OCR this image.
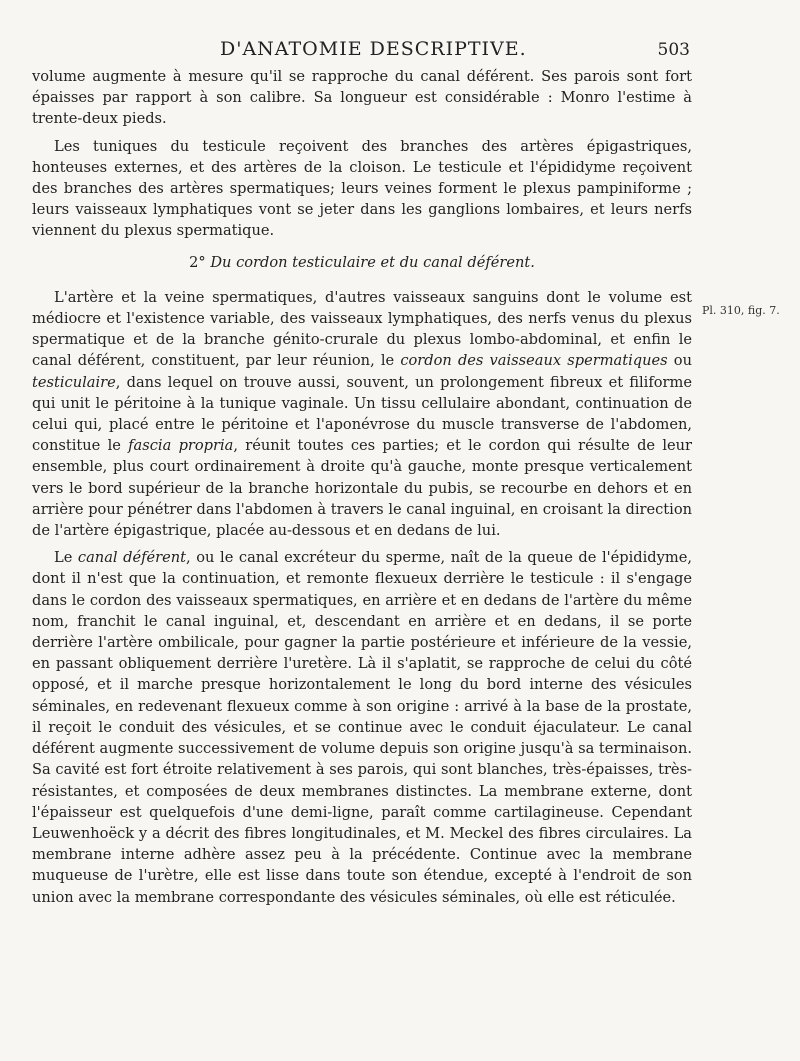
D'ANATOMIE DESCRIPTIVE.	503

volume augmente à mesure qu'il se rapproche du canal déférent. Ses parois sont fort épaisses par rapport à son calibre. Sa longueur est considérable : Monro l'estime à trente-deux pieds.

Les tuniques du testicule reçoivent des branches des artères épigastriques, honteuses externes, et des artères de la cloison. Le testicule et l'épididyme reçoivent des branches des artères spermatiques; leurs veines forment le plexus pampiniforme ; leurs vaisseaux lymphatiques vont se jeter dans les ganglions lombaires, et leurs nerfs viennent du plexus spermatique.

2° Du cordon testiculaire et du canal déférent.

L'artère et la veine spermatiques, d'autres vaisseaux sanguins dont le volume est médiocre et l'existence variable, des vaisseaux lymphatiques, des nerfs venus du plexus spermatique et de la branche génito-crurale du plexus lombo-abdominal, et enfin le canal déférent, constituent, par leur réunion, le cordon des vaisseaux spermatiques ou testiculaire, dans lequel on trouve aussi, souvent, un prolongement fibreux et filiforme qui unit le péritoine à la tunique vaginale. Un tissu cellulaire abondant, continuation de celui qui, placé entre le péritoine et l'aponévrose du muscle transverse de l'abdomen, constitue le fascia propria, réunit toutes ces parties; et le cordon qui résulte de leur ensemble, plus court ordinairement à droite qu'à gauche, monte presque verticalement vers le bord supérieur de la branche horizontale du pubis, se recourbe en dehors et en arrière pour pénétrer dans l'abdomen à travers le canal inguinal, en croisant la direction de l'artère épigastrique, placée au-dessous et en dedans de lui.

Le canal déférent, ou le canal excréteur du sperme, naît de la queue de l'épididyme, dont il n'est que la continuation, et remonte flexueux derrière le testicule : il s'engage dans le cordon des vaisseaux spermatiques, en arrière et en dedans de l'artère du même nom, franchit le canal inguinal, et, descendant en arrière et en dedans, il se porte derrière l'artère ombilicale, pour gagner la partie postérieure et inférieure de la vessie, en passant obliquement derrière l'uretère. Là il s'aplatit, se rapproche de celui du côté opposé, et il marche presque horizontalement le long du bord interne des vésicules séminales, en redevenant flexueux comme à son origine : arrivé à la base de la prostate, il reçoit le conduit des vésicules, et se continue avec le conduit éjaculateur. Le canal déférent augmente successivement de volume depuis son origine jusqu'à sa terminaison. Sa cavité est fort étroite relativement à ses parois, qui sont blanches, très-épaisses, très-résistantes, et composées de deux membranes distinctes. La membrane externe, dont l'épaisseur est quelquefois d'une demi-ligne, paraît comme cartilagineuse. Cependant Leuwenhoëck y a décrit des fibres longitudinales, et M. Meckel des fibres circulaires. La membrane interne adhère assez peu à la précédente. Continue avec la membrane muqueuse de l'urètre, elle est lisse dans toute son étendue, excepté à l'endroit de son union avec la membrane correspondante des vésicules séminales, où elle est réticulée.

Pl. 310, fig. 7.
